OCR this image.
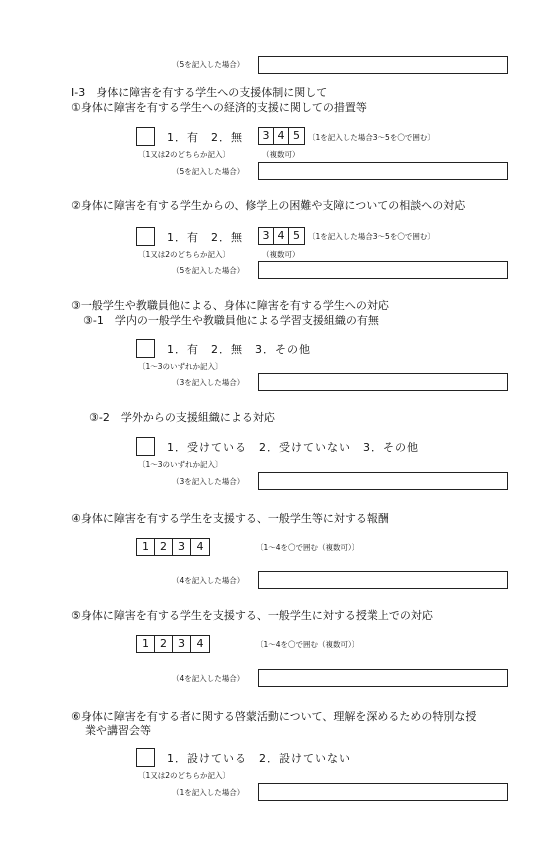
（5を記入した場合）
Ⅰ-3　身体に障害を有する学生への支援体制に関して
①身体に障害を有する学生への経済的支援に関しての措置等
1．有　2．無	3 4 5	〔1を記入した場合3～5を〇で囲む〕
〔1又は2のどちらか記入〕	（複数可）
（5を記入した場合）
②身体に障害を有する学生からの、修学上の困難や支障についての相談への対応
1．有　2．無	3 4 5	〔1を記入した場合3～5を〇で囲む〕
〔1又は2のどちらか記入〕	（複数可）
（5を記入した場合）
③一般学生や教職員他による、身体に障害を有する学生への対応
③-1　学内の一般学生や教職員他による学習支援組織の有無
1．有　2．無　3．その他
〔1～3のいずれか記入〕
（3を記入した場合）
③-2　学外からの支援組織による対応
1．受けている　2．受けていない　3．その他
〔1～3のいずれか記入〕
（3を記入した場合）
④身体に障害を有する学生を支援する、一般学生等に対する報酬
1	2	3	4	〔1～4を〇で囲む（複数可）〕
（4を記入した場合）
⑤身体に障害を有する学生を支援する、一般学生に対する授業上での対応
1	2	3	4	〔1～4を〇で囲む（複数可）〕
（4を記入した場合）
⑥身体に障害を有する者に関する啓蒙活動について、理解を深めるための特別な授
業や講習会等
1．設けている　2．設けていない
〔1又は2のどちらか記入〕
（1を記入した場合）
